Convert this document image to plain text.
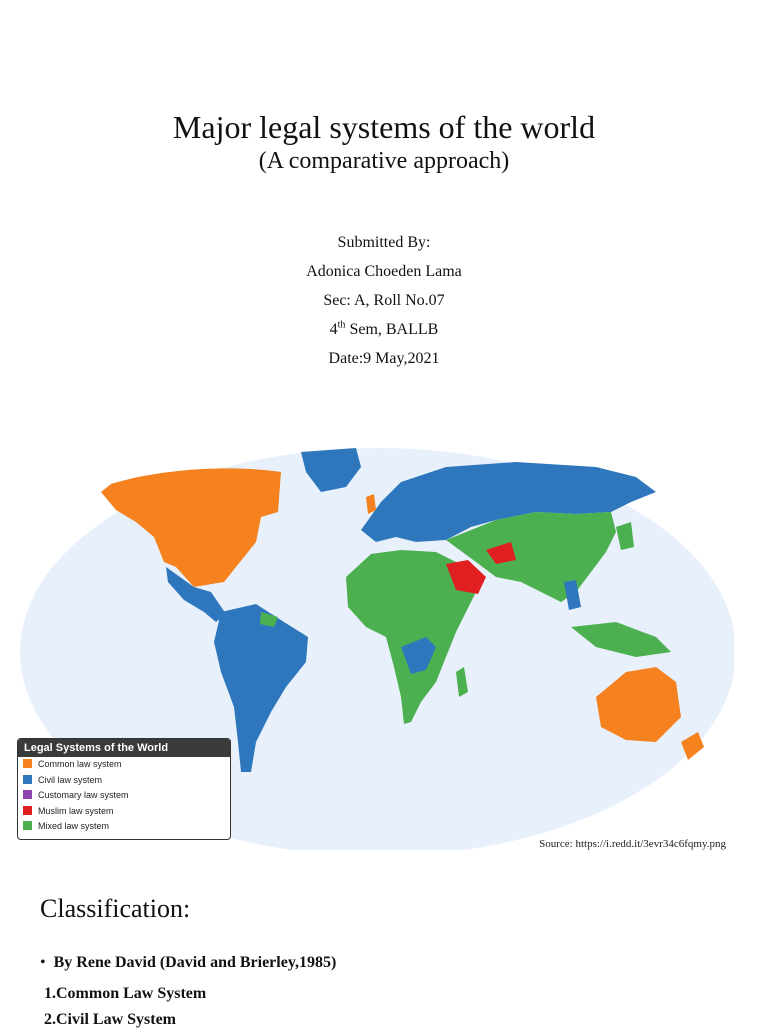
Major legal systems of the world
(A comparative approach)
Submitted By:
Adonica Choeden Lama
Sec: A, Roll No.07
4th Sem, BALLB
Date:9 May,2021
Legal Systems of the World
Common law system
Civil law system
Customary law system
Muslim law system
Mixed law system
Source: https://i.redd.it/3evr34c6fqmy.png
Classification:
• By Rene David (David and Brierley,1985)
1.Common Law System
2.Civil Law System
